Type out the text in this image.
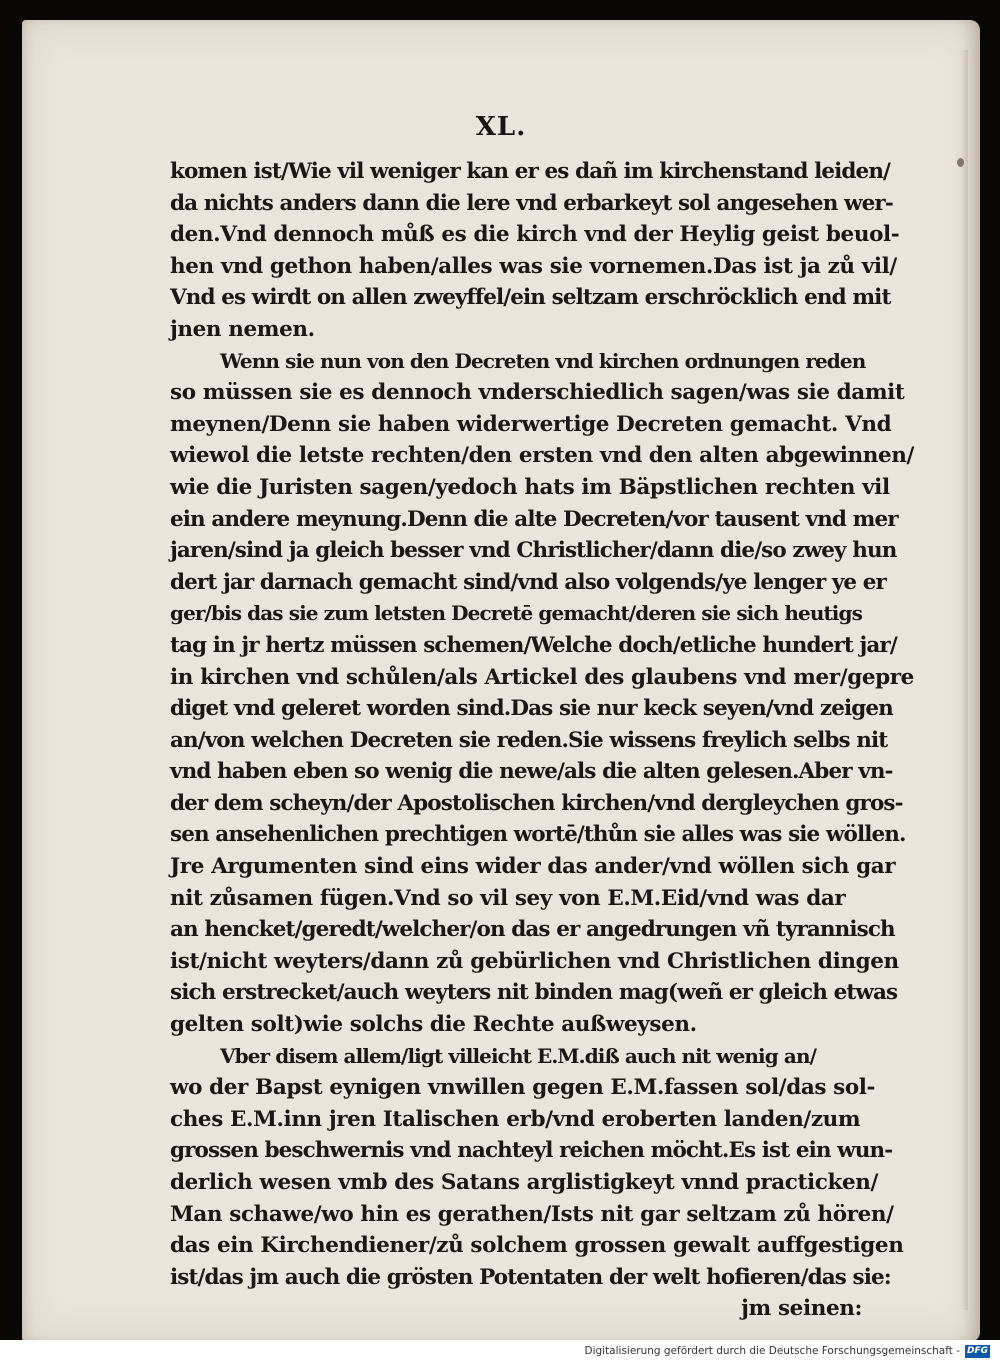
XL.
komen ist/Wie vil weniger kan er es dañ im kirchenstand leiden/
da nichts anders dann die lere vnd erbarkeyt sol angesehen wer-
den.Vnd dennoch můß es die kirch vnd der Heylig geist beuol-
hen vnd gethon haben/alles was sie vornemen.Das ist ja zů vil/
Vnd es wirdt on allen zweyffel/ein seltzam erschröcklich end mit
jnen nemen.
Wenn sie nun von den Decreten vnd kirchen ordnungen reden
so müssen sie es dennoch vnderschiedlich sagen/was sie damit
meynen/Denn sie haben widerwertige Decreten gemacht. Vnd
wiewol die letste rechten/den ersten vnd den alten abgewinnen/
wie die Juristen sagen/yedoch hats im Bäpstlichen rechten vil
ein andere meynung.Denn die alte Decreten/vor tausent vnd mer
jaren/sind ja gleich besser vnd Christlicher/dann die/so zwey hun
dert jar darnach gemacht sind/vnd also volgends/ye lenger ye er
ger/bis das sie zum letsten Decretē gemacht/deren sie sich heutigs
tag in jr hertz müssen schemen/Welche doch/etliche hundert jar/
in kirchen vnd schůlen/als Artickel des glaubens vnd mer/gepre
diget vnd geleret worden sind.Das sie nur keck seyen/vnd zeigen
an/von welchen Decreten sie reden.Sie wissens freylich selbs nit
vnd haben eben so wenig die newe/als die alten gelesen.Aber vn-
der dem scheyn/der Apostolischen kirchen/vnd dergleychen gros-
sen ansehenlichen prechtigen wortē/thůn sie alles was sie wöllen.
Jre Argumenten sind eins wider das ander/vnd wöllen sich gar
nit zůsamen fügen.Vnd so vil sey von E.M.Eid/vnd was dar
an hencket/geredt/welcher/on das er angedrungen vñ tyrannisch
ist/nicht weyters/dann zů gebürlichen vnd Christlichen dingen
sich erstrecket/auch weyters nit binden mag(weñ er gleich etwas
gelten solt)wie solchs die Rechte außweysen.
Vber disem allem/ligt villeicht E.M.diß auch nit wenig an/
wo der Bapst eynigen vnwillen gegen E.M.fassen sol/das sol-
ches E.M.inn jren Italischen erb/vnd eroberten landen/zum
grossen beschwernis vnd nachteyl reichen möcht.Es ist ein wun-
derlich wesen vmb des Satans arglistigkeyt vnnd practicken/
Man schawe/wo hin es gerathen/Ists nit gar seltzam zů hören/
das ein Kirchendiener/zů solchem grossen gewalt auffgestigen
ist/das jm auch die grösten Potentaten der welt hofieren/das sie:
jm seinen:
Digitalisierung gefördert durch die Deutsche Forschungsgemeinschaft - DFG
